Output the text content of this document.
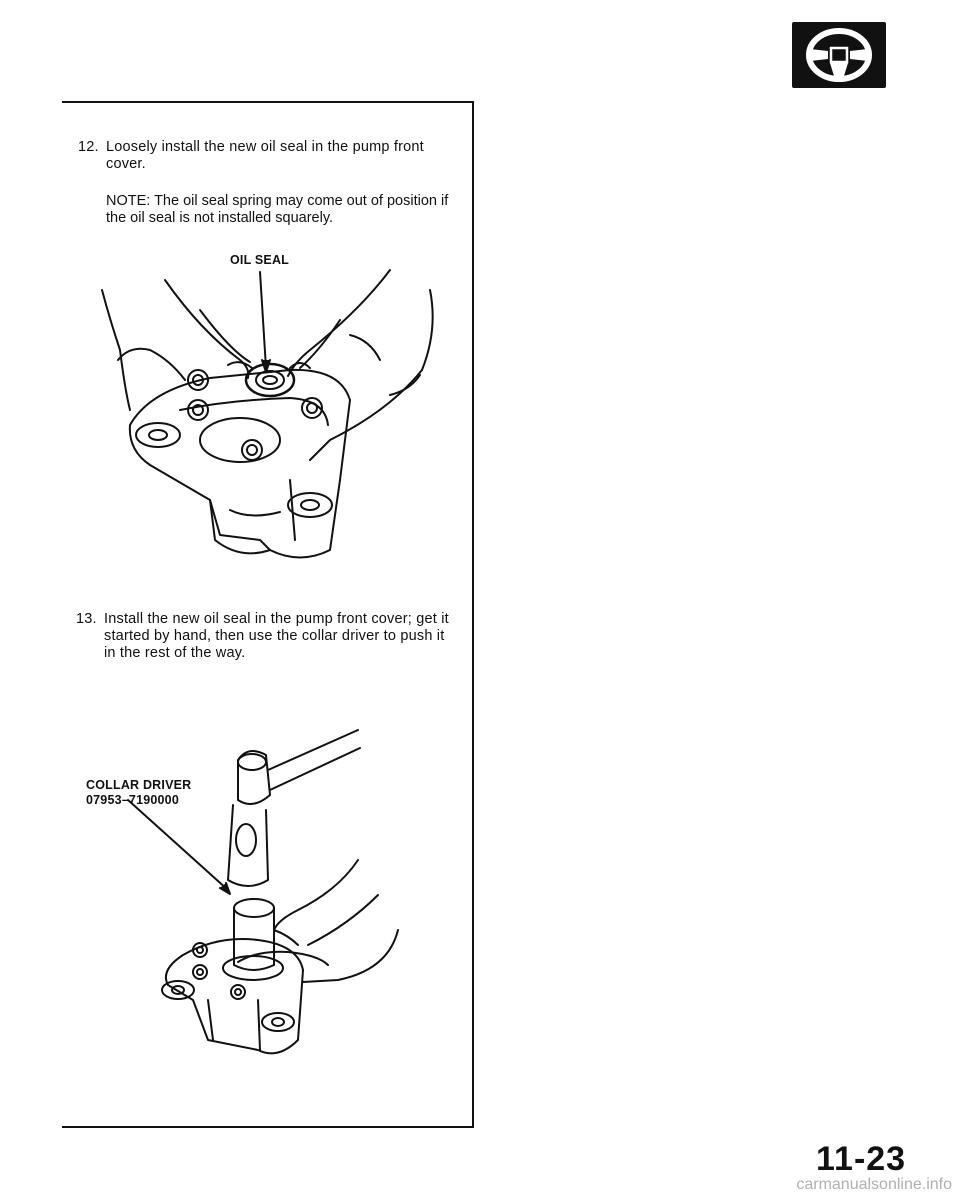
12. Loosely install the new oil seal in the pump front cover.
NOTE: The oil seal spring may come out of position if the oil seal is not installed squarely.
OIL SEAL
13. Install the new oil seal in the pump front cover; get it started by hand, then use the collar driver to push it in the rest of the way.
COLLAR DRIVER
07953–7190000
11-23
carmanualsonline.info
